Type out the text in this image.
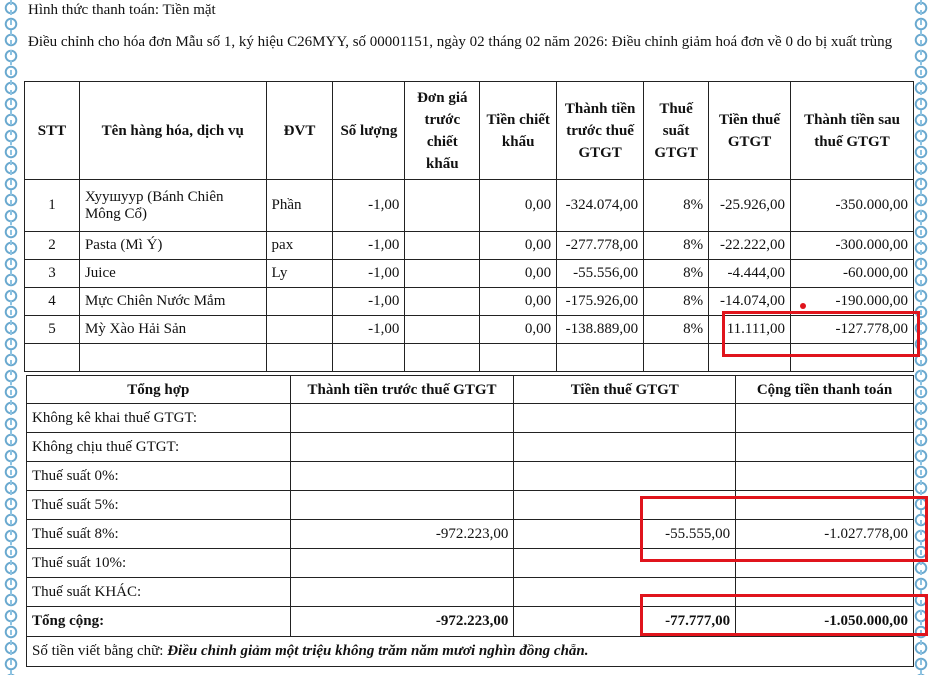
Hình thức thanh toán: Tiền mặt
Điều chỉnh cho hóa đơn Mẫu số 1, ký hiệu C26MYY, số 00001151, ngày 02 tháng 02 năm 2026: Điều chỉnh giảm hoá đơn về 0 do bị xuất trùng
STT	Tên hàng hóa, dịch vụ	ĐVT	Số lượng	Đơn giá trước chiết khấu	Tiền chiết khấu	Thành tiền trước thuế GTGT	Thuế suất GTGT	Tiền thuế GTGT	Thành tiền sau thuế GTGT
1	Хуушуур (Bánh Chiên Mông Cổ)	Phần	-1,00		0,00	-324.074,00	8%	-25.926,00	-350.000,00
2	Pasta (Mì Ý)	pax	-1,00		0,00	-277.778,00	8%	-22.222,00	-300.000,00
3	Juice	Ly	-1,00		0,00	-55.556,00	8%	-4.444,00	-60.000,00
4	Mực Chiên Nước Mắm		-1,00		0,00	-175.926,00	8%	-14.074,00	-190.000,00
5	Mỳ Xào Hải Sản		-1,00		0,00	-138.889,00	8%	11.111,00	-127.778,00

Tổng hợp	Thành tiền trước thuế GTGT	Tiền thuế GTGT	Cộng tiền thanh toán
Không kê khai thuế GTGT:			
Không chịu thuế GTGT:			
Thuế suất 0%:			
Thuế suất 5%:			
Thuế suất 8%:	-972.223,00	-55.555,00	-1.027.778,00
Thuế suất 10%:			
Thuế suất KHÁC:			
Tổng cộng:	-972.223,00	-77.777,00	-1.050.000,00
Số tiền viết bằng chữ: Điều chỉnh giảm một triệu không trăm năm mươi nghìn đồng chẵn.			
